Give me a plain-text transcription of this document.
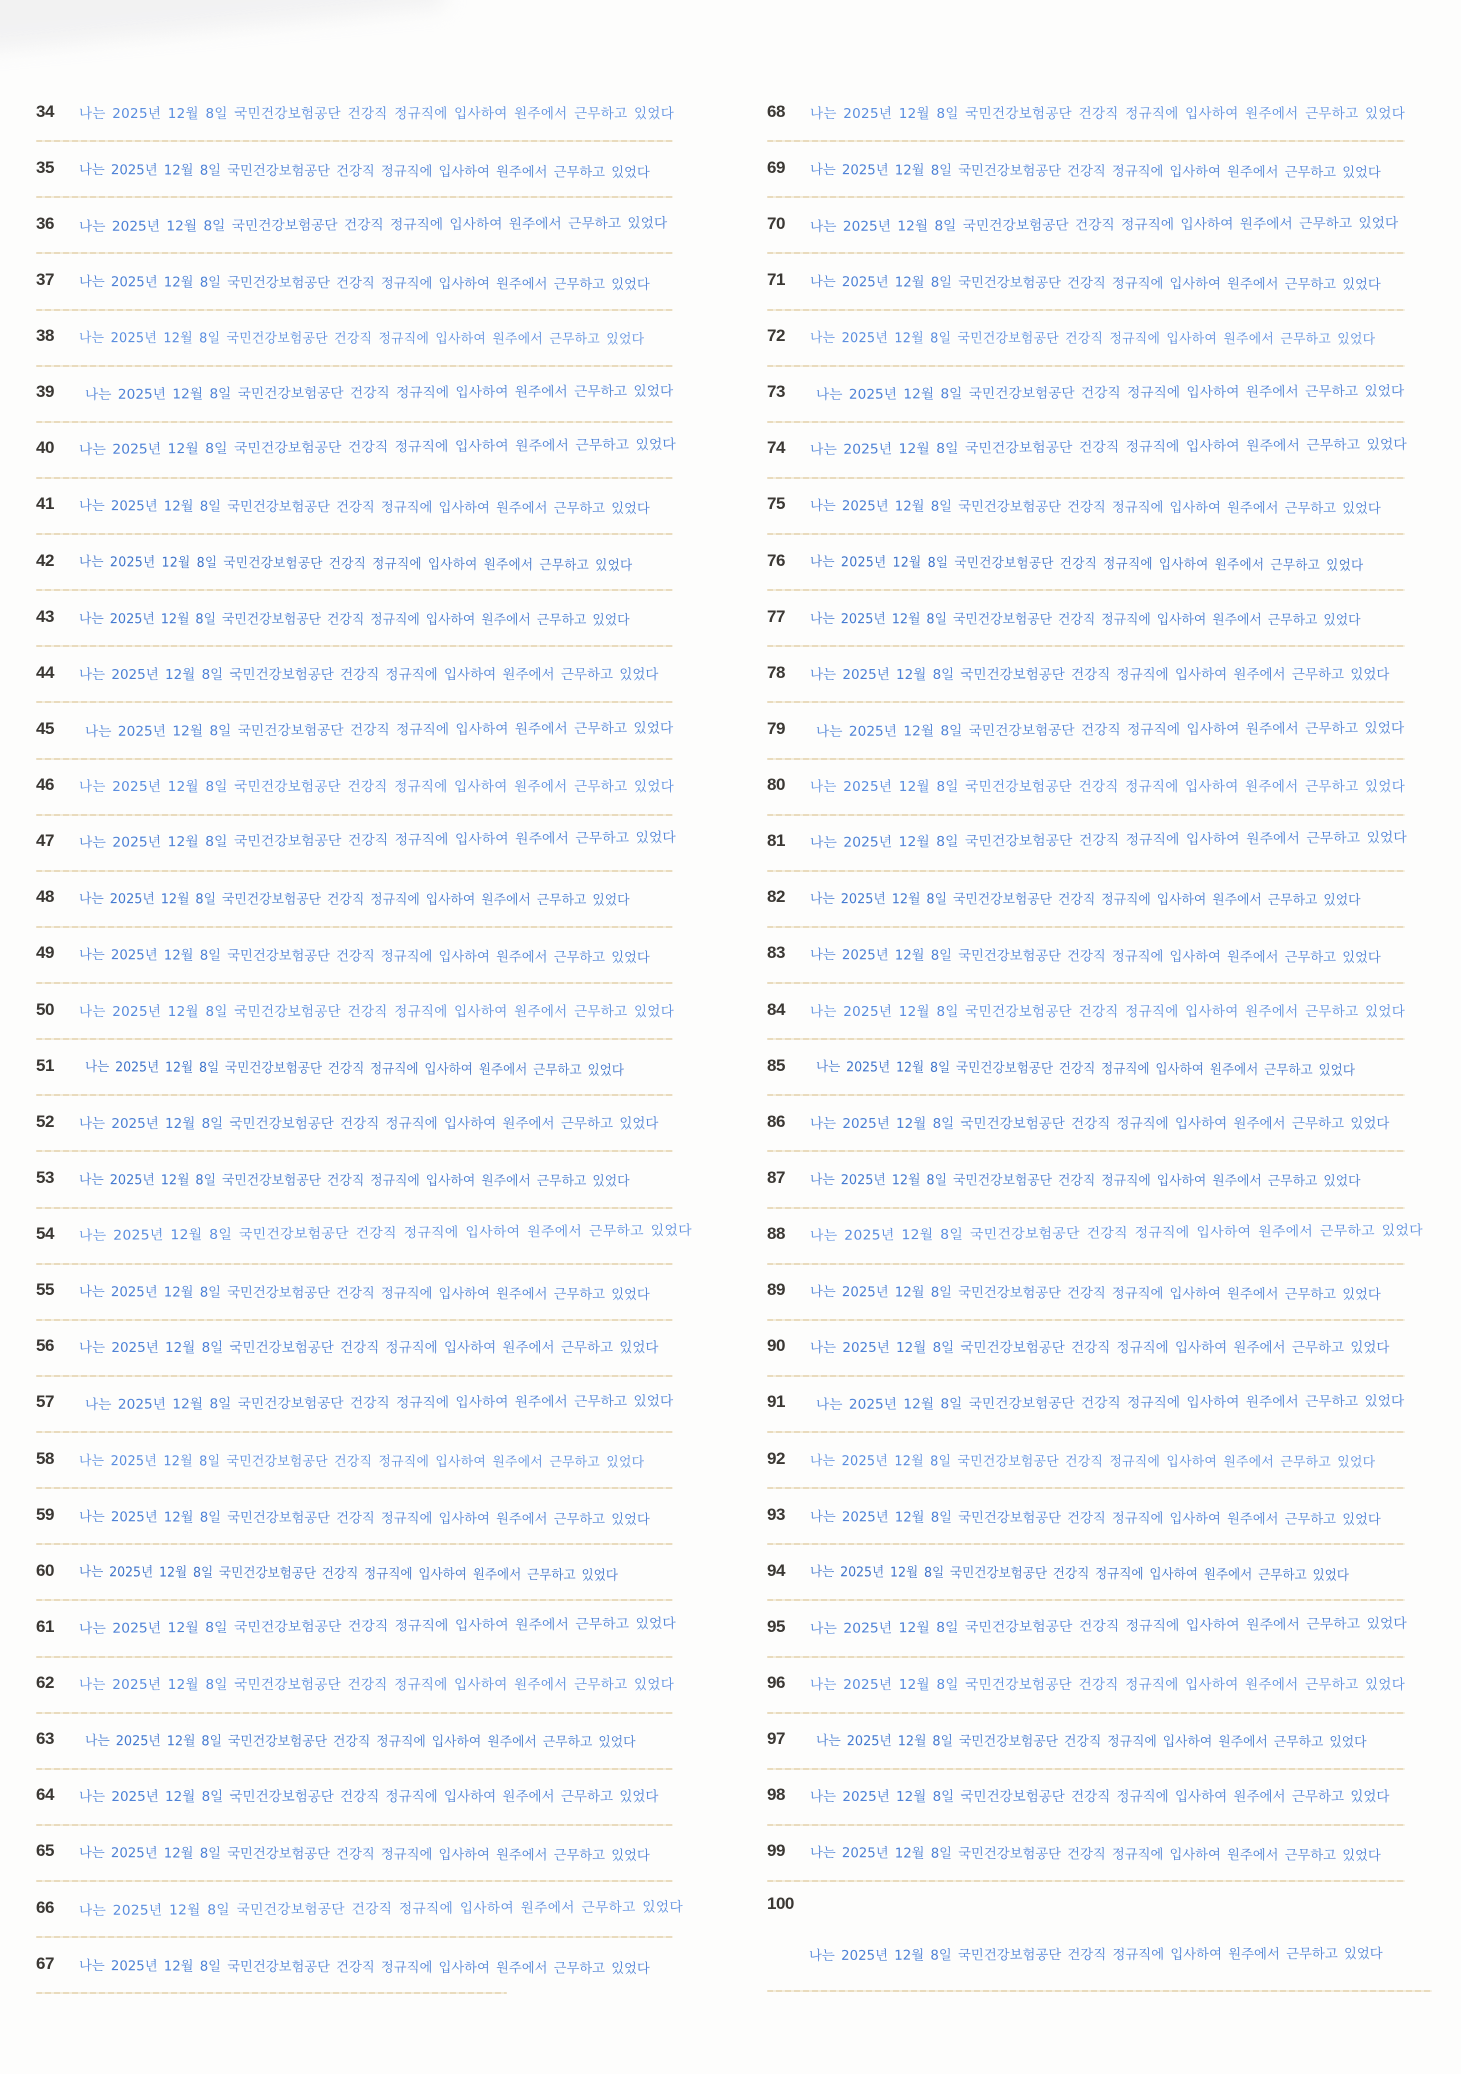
34	나는 2025년 12월 8일 국민건강보험공단 건강직 정규직에 입사하여 원주에서 근무하고 있었다
35	나는 2025년 12월 8일 국민건강보험공단 건강직 정규직에 입사하여 원주에서 근무하고 있었다
36	나는 2025년 12월 8일 국민건강보험공단 건강직 정규직에 입사하여 원주에서 근무하고 있었다
37	나는 2025년 12월 8일 국민건강보험공단 건강직 정규직에 입사하여 원주에서 근무하고 있었다
38	나는 2025년 12월 8일 국민건강보험공단 건강직 정규직에 입사하여 원주에서 근무하고 있었다
39	나는 2025년 12월 8일 국민건강보험공단 건강직 정규직에 입사하여 원주에서 근무하고 있었다
40	나는 2025년 12월 8일 국민건강보험공단 건강직 정규직에 입사하여 원주에서 근무하고 있었다
41	나는 2025년 12월 8일 국민건강보험공단 건강직 정규직에 입사하여 원주에서 근무하고 있었다
42	나는 2025년 12월 8일 국민건강보험공단 건강직 정규직에 입사하여 원주에서 근무하고 있었다
43	나는 2025년 12월 8일 국민건강보험공단 건강직 정규직에 입사하여 원주에서 근무하고 있었다
44	나는 2025년 12월 8일 국민건강보험공단 건강직 정규직에 입사하여 원주에서 근무하고 있었다
45	나는 2025년 12월 8일 국민건강보험공단 건강직 정규직에 입사하여 원주에서 근무하고 있었다
46	나는 2025년 12월 8일 국민건강보험공단 건강직 정규직에 입사하여 원주에서 근무하고 있었다
47	나는 2025년 12월 8일 국민건강보험공단 건강직 정규직에 입사하여 원주에서 근무하고 있었다
48	나는 2025년 12월 8일 국민건강보험공단 건강직 정규직에 입사하여 원주에서 근무하고 있었다
49	나는 2025년 12월 8일 국민건강보험공단 건강직 정규직에 입사하여 원주에서 근무하고 있었다
50	나는 2025년 12월 8일 국민건강보험공단 건강직 정규직에 입사하여 원주에서 근무하고 있었다
51	나는 2025년 12월 8일 국민건강보험공단 건강직 정규직에 입사하여 원주에서 근무하고 있었다
52	나는 2025년 12월 8일 국민건강보험공단 건강직 정규직에 입사하여 원주에서 근무하고 있었다
53	나는 2025년 12월 8일 국민건강보험공단 건강직 정규직에 입사하여 원주에서 근무하고 있었다
54	나는 2025년 12월 8일 국민건강보험공단 건강직 정규직에 입사하여 원주에서 근무하고 있었다
55	나는 2025년 12월 8일 국민건강보험공단 건강직 정규직에 입사하여 원주에서 근무하고 있었다
56	나는 2025년 12월 8일 국민건강보험공단 건강직 정규직에 입사하여 원주에서 근무하고 있었다
57	나는 2025년 12월 8일 국민건강보험공단 건강직 정규직에 입사하여 원주에서 근무하고 있었다
58	나는 2025년 12월 8일 국민건강보험공단 건강직 정규직에 입사하여 원주에서 근무하고 있었다
59	나는 2025년 12월 8일 국민건강보험공단 건강직 정규직에 입사하여 원주에서 근무하고 있었다
60	나는 2025년 12월 8일 국민건강보험공단 건강직 정규직에 입사하여 원주에서 근무하고 있었다
61	나는 2025년 12월 8일 국민건강보험공단 건강직 정규직에 입사하여 원주에서 근무하고 있었다
62	나는 2025년 12월 8일 국민건강보험공단 건강직 정규직에 입사하여 원주에서 근무하고 있었다
63	나는 2025년 12월 8일 국민건강보험공단 건강직 정규직에 입사하여 원주에서 근무하고 있었다
64	나는 2025년 12월 8일 국민건강보험공단 건강직 정규직에 입사하여 원주에서 근무하고 있었다
65	나는 2025년 12월 8일 국민건강보험공단 건강직 정규직에 입사하여 원주에서 근무하고 있었다
66	나는 2025년 12월 8일 국민건강보험공단 건강직 정규직에 입사하여 원주에서 근무하고 있었다
67	나는 2025년 12월 8일 국민건강보험공단 건강직 정규직에 입사하여 원주에서 근무하고 있었다
68	나는 2025년 12월 8일 국민건강보험공단 건강직 정규직에 입사하여 원주에서 근무하고 있었다
69	나는 2025년 12월 8일 국민건강보험공단 건강직 정규직에 입사하여 원주에서 근무하고 있었다
70	나는 2025년 12월 8일 국민건강보험공단 건강직 정규직에 입사하여 원주에서 근무하고 있었다
71	나는 2025년 12월 8일 국민건강보험공단 건강직 정규직에 입사하여 원주에서 근무하고 있었다
72	나는 2025년 12월 8일 국민건강보험공단 건강직 정규직에 입사하여 원주에서 근무하고 있었다
73	나는 2025년 12월 8일 국민건강보험공단 건강직 정규직에 입사하여 원주에서 근무하고 있었다
74	나는 2025년 12월 8일 국민건강보험공단 건강직 정규직에 입사하여 원주에서 근무하고 있었다
75	나는 2025년 12월 8일 국민건강보험공단 건강직 정규직에 입사하여 원주에서 근무하고 있었다
76	나는 2025년 12월 8일 국민건강보험공단 건강직 정규직에 입사하여 원주에서 근무하고 있었다
77	나는 2025년 12월 8일 국민건강보험공단 건강직 정규직에 입사하여 원주에서 근무하고 있었다
78	나는 2025년 12월 8일 국민건강보험공단 건강직 정규직에 입사하여 원주에서 근무하고 있었다
79	나는 2025년 12월 8일 국민건강보험공단 건강직 정규직에 입사하여 원주에서 근무하고 있었다
80	나는 2025년 12월 8일 국민건강보험공단 건강직 정규직에 입사하여 원주에서 근무하고 있었다
81	나는 2025년 12월 8일 국민건강보험공단 건강직 정규직에 입사하여 원주에서 근무하고 있었다
82	나는 2025년 12월 8일 국민건강보험공단 건강직 정규직에 입사하여 원주에서 근무하고 있었다
83	나는 2025년 12월 8일 국민건강보험공단 건강직 정규직에 입사하여 원주에서 근무하고 있었다
84	나는 2025년 12월 8일 국민건강보험공단 건강직 정규직에 입사하여 원주에서 근무하고 있었다
85	나는 2025년 12월 8일 국민건강보험공단 건강직 정규직에 입사하여 원주에서 근무하고 있었다
86	나는 2025년 12월 8일 국민건강보험공단 건강직 정규직에 입사하여 원주에서 근무하고 있었다
87	나는 2025년 12월 8일 국민건강보험공단 건강직 정규직에 입사하여 원주에서 근무하고 있었다
88	나는 2025년 12월 8일 국민건강보험공단 건강직 정규직에 입사하여 원주에서 근무하고 있었다
89	나는 2025년 12월 8일 국민건강보험공단 건강직 정규직에 입사하여 원주에서 근무하고 있었다
90	나는 2025년 12월 8일 국민건강보험공단 건강직 정규직에 입사하여 원주에서 근무하고 있었다
91	나는 2025년 12월 8일 국민건강보험공단 건강직 정규직에 입사하여 원주에서 근무하고 있었다
92	나는 2025년 12월 8일 국민건강보험공단 건강직 정규직에 입사하여 원주에서 근무하고 있었다
93	나는 2025년 12월 8일 국민건강보험공단 건강직 정규직에 입사하여 원주에서 근무하고 있었다
94	나는 2025년 12월 8일 국민건강보험공단 건강직 정규직에 입사하여 원주에서 근무하고 있었다
95	나는 2025년 12월 8일 국민건강보험공단 건강직 정규직에 입사하여 원주에서 근무하고 있었다
96	나는 2025년 12월 8일 국민건강보험공단 건강직 정규직에 입사하여 원주에서 근무하고 있었다
97	나는 2025년 12월 8일 국민건강보험공단 건강직 정규직에 입사하여 원주에서 근무하고 있었다
98	나는 2025년 12월 8일 국민건강보험공단 건강직 정규직에 입사하여 원주에서 근무하고 있었다
99	나는 2025년 12월 8일 국민건강보험공단 건강직 정규직에 입사하여 원주에서 근무하고 있었다
100
나는 2025년 12월 8일 국민건강보험공단 건강직 정규직에 입사하여 원주에서 근무하고 있었다
